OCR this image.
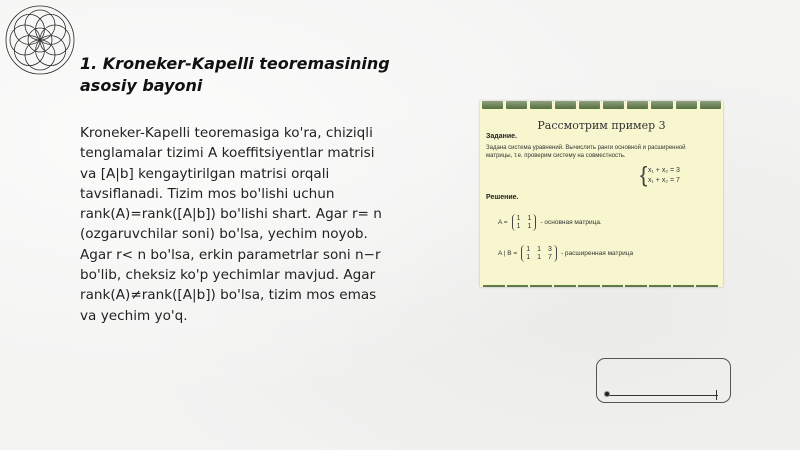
1. Kroneker-Kapelli teoremasining
asosiy bayoni
Kroneker-Kapelli teoremasiga ko'ra, chiziqli
tenglamalar tizimi A koeffitsiyentlar matrisi
va [A|b] kengaytirilgan matrisi orqali
tavsiflanadi. Tizim mos bo'lishi uchun
rank(A)=rank([A|b]) bo'lishi shart. Agar r= n
(ozgaruvchilar soni) bo'lsa, yechim noyob.
Agar r< n bo'lsa, erkin parametrlar soni n−r
bo'lib, cheksiz ko'p yechimlar mavjud. Agar
rank(A)≠rank([A|b]) bo'lsa, tizim mos emas
va yechim yo'q.
Рассмотрим пример 3
Задание.
Задана система уравнений. Вычислить ранги основной и расширенной матрицы, т.е. проверим систему на совместность.
{ x₁ + x₂ = 3
x₁ + x₂ = 7
Решение.
A =
1 1
1 1
- основная матрица.
A | B =
1 1 3
1 1 7
- расширенная матрица
